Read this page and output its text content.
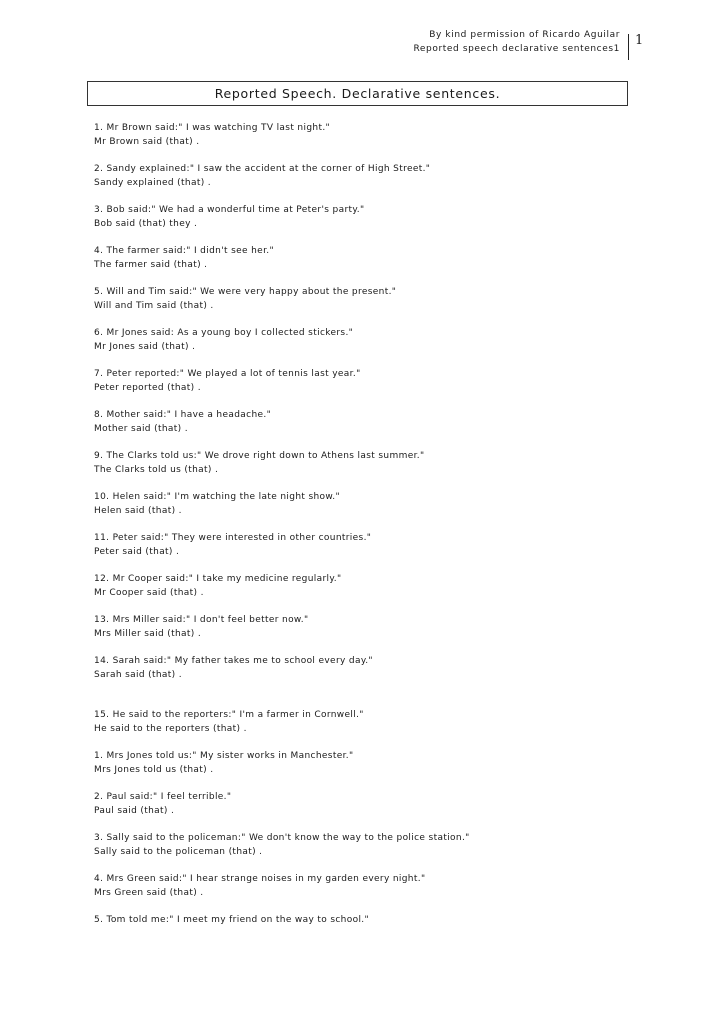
By kind permission of Ricardo Aguilar
Reported speech declarative sentences1
1
Reported Speech. Declarative sentences.
1. Mr Brown said:" I was watching TV last night."
Mr Brown said (that) .
2. Sandy explained:" I saw the accident at the corner of High Street."
Sandy explained (that) .
3. Bob said:" We had a wonderful time at Peter's party."
Bob said (that) they .
4. The farmer said:" I didn't see her."
The farmer said (that) .
5. Will and Tim said:" We were very happy about the present."
Will and Tim said (that) .
6. Mr Jones said: As a young boy I collected stickers."
Mr Jones said (that) .
7. Peter reported:" We played a lot of tennis last year."
Peter reported (that) .
8. Mother said:" I have a headache."
Mother said (that) .
9. The Clarks told us:" We drove right down to Athens last summer."
The Clarks told us (that) .
10. Helen said:" I'm watching the late night show."
Helen said (that) .
11. Peter said:" They were interested in other countries."
Peter said (that) .
12. Mr Cooper said:" I take my medicine regularly."
Mr Cooper said (that) .
13. Mrs Miller said:" I don't feel better now."
Mrs Miller said (that) .
14. Sarah said:" My father takes me to school every day."
Sarah said (that) .
15. He said to the reporters:" I'm a farmer in Cornwell."
He said to the reporters (that) .
1. Mrs Jones told us:" My sister works in Manchester."
Mrs Jones told us (that) .
2. Paul said:" I feel terrible."
Paul said (that) .
3. Sally said to the policeman:" We don't know the way to the police station."
Sally said to the policeman (that) .
4. Mrs Green said:" I hear strange noises in my garden every night."
Mrs Green said (that) .
5. Tom told me:" I meet my friend on the way to school."
